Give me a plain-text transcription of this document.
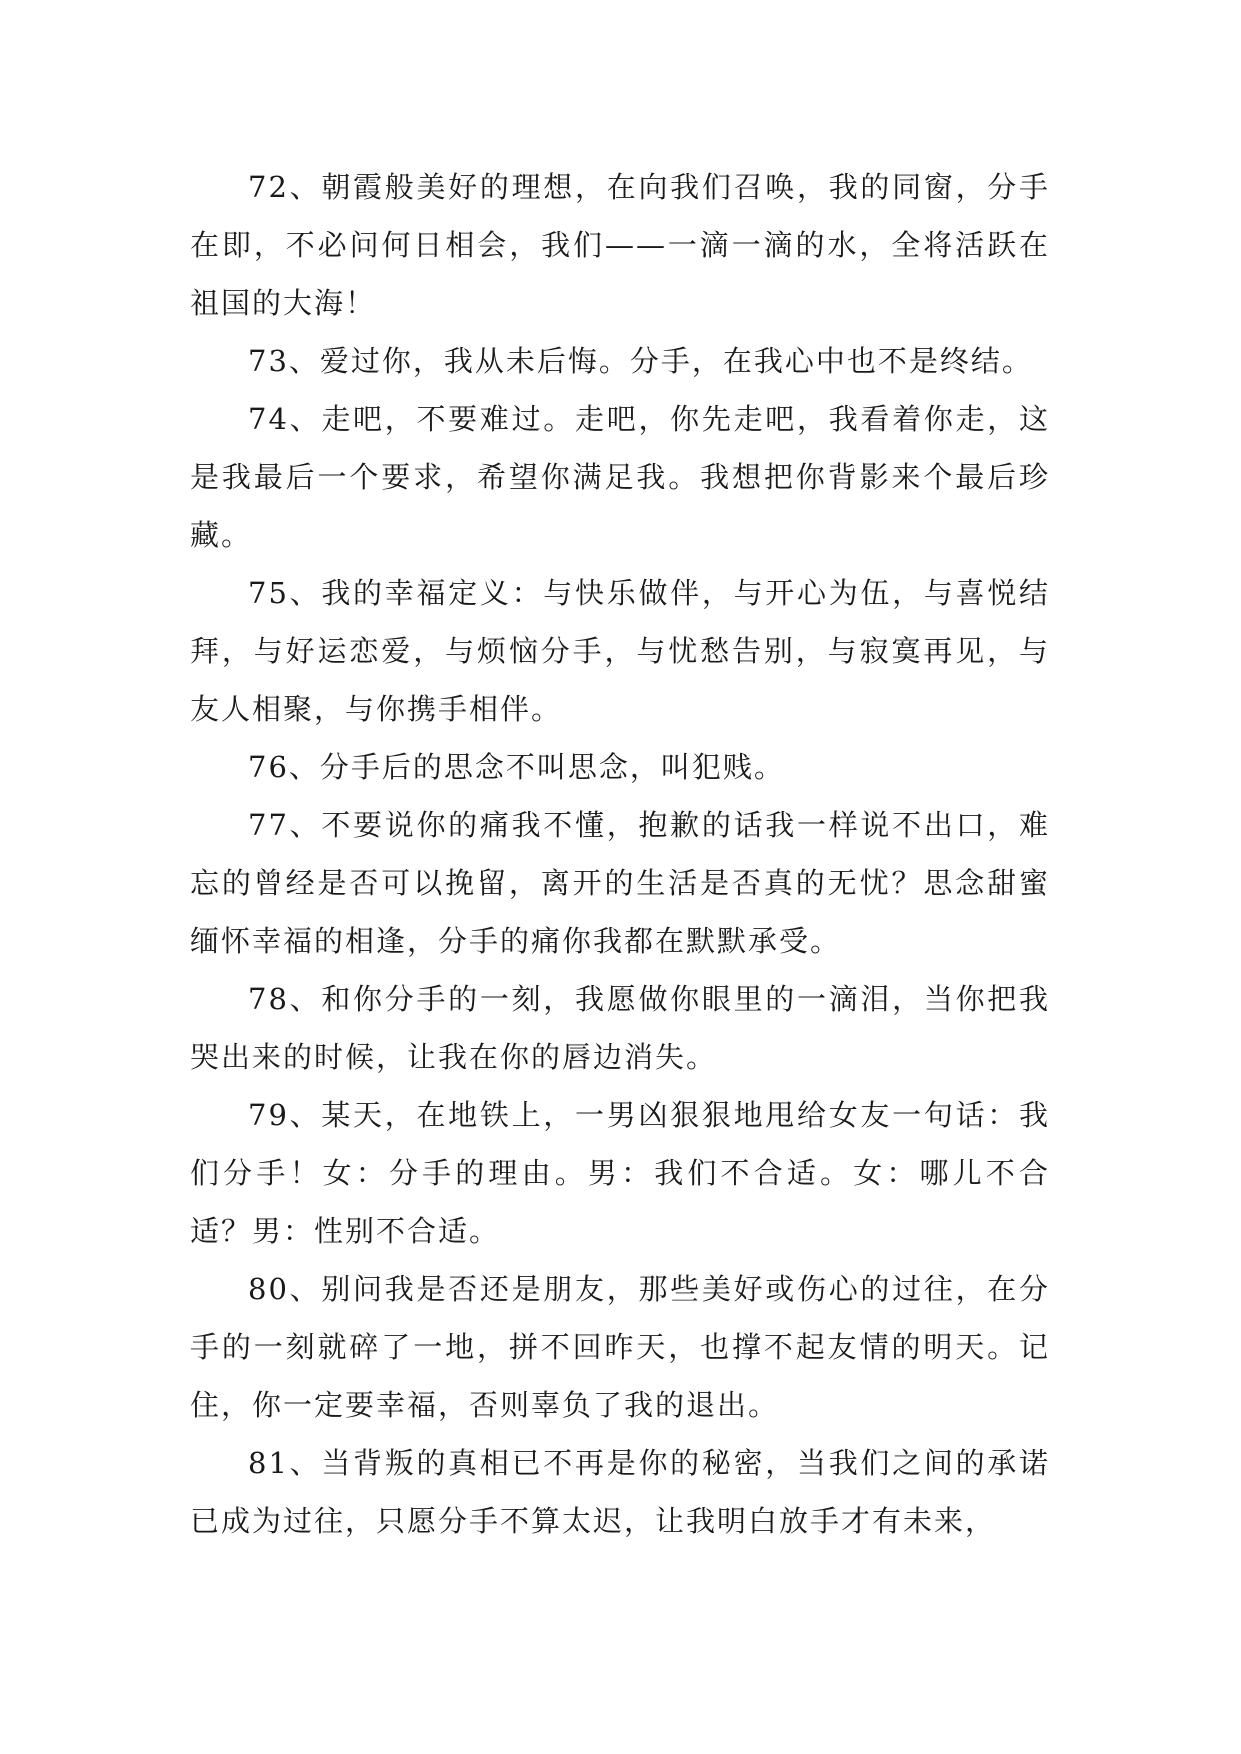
72、朝霞般美好的理想，在向我们召唤，我的同窗，分手在即，不必问何日相会，我们——一滴一滴的水，全将活跃在祖国的大海！

73、爱过你，我从未后悔。分手，在我心中也不是终结。

74、走吧，不要难过。走吧，你先走吧，我看着你走，这是我最后一个要求，希望你满足我。我想把你背影来个最后珍藏。

75、我的幸福定义：与快乐做伴，与开心为伍，与喜悦结拜，与好运恋爱，与烦恼分手，与忧愁告别，与寂寞再见，与友人相聚，与你携手相伴。

76、分手后的思念不叫思念，叫犯贱。

77、不要说你的痛我不懂，抱歉的话我一样说不出口，难忘的曾经是否可以挽留，离开的生活是否真的无忧？思念甜蜜缅怀幸福的相逢，分手的痛你我都在默默承受。

78、和你分手的一刻，我愿做你眼里的一滴泪，当你把我哭出来的时候，让我在你的唇边消失。

79、某天，在地铁上，一男凶狠狠地甩给女友一句话：我们分手！女：分手的理由。男：我们不合适。女：哪儿不合适？男：性别不合适。

80、别问我是否还是朋友，那些美好或伤心的过往，在分手的一刻就碎了一地，拼不回昨天，也撑不起友情的明天。记住，你一定要幸福，否则辜负了我的退出。

81、当背叛的真相已不再是你的秘密，当我们之间的承诺已成为过往，只愿分手不算太迟，让我明白放手才有未来，
